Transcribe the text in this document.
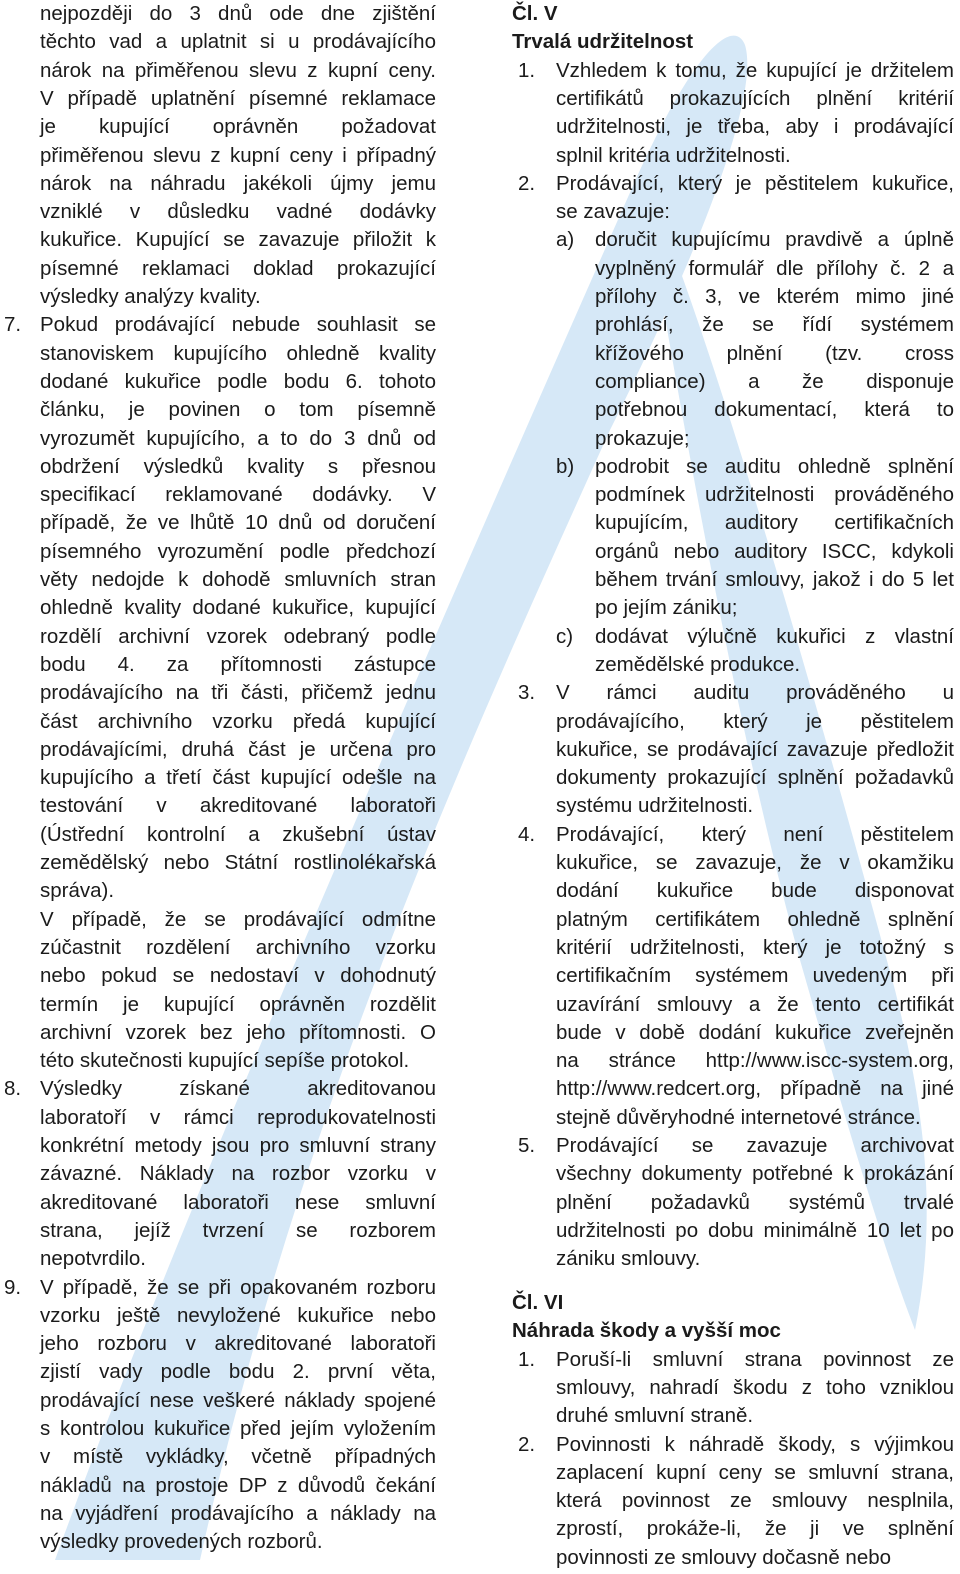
nejpozději do 3 dnů ode dne zjištění
těchto vad a uplatnit si u prodávajícího
nárok na přiměřenou slevu z kupní ceny.
V případě uplatnění písemné reklamace
je kupující oprávněn požadovat
přiměřenou slevu z kupní ceny i případný
nárok na náhradu jakékoli újmy jemu
vzniklé v důsledku vadné dodávky
kukuřice. Kupující se zavazuje přiložit k
písemné reklamaci doklad prokazující
výsledky analýzy kvality.
Pokud prodávající nebude souhlasit se
stanoviskem kupujícího ohledně kvality
dodané kukuřice podle bodu 6. tohoto
článku, je povinen o tom písemně
vyrozumět kupujícího, a to do 3 dnů od
obdržení výsledků kvality s přesnou
specifikací reklamované dodávky. V
případě, že ve lhůtě 10 dnů od doručení
písemného vyrozumění podle předchozí
věty nedojde k dohodě smluvních stran
ohledně kvality dodané kukuřice, kupující
rozdělí archivní vzorek odebraný podle
bodu 4. za přítomnosti zástupce
prodávajícího na tři části, přičemž jednu
část archivního vzorku předá kupující
prodávajícími, druhá část je určena pro
kupujícího a třetí část kupující odešle na
testování v akreditované laboratoři
(Ústřední kontrolní a zkušební ústav
zemědělský nebo Státní rostlinolékařská
správa).
V případě, že se prodávající odmítne
zúčastnit rozdělení archivního vzorku
nebo pokud se nedostaví v dohodnutý
termín je kupující oprávněn rozdělit
archivní vzorek bez jeho přítomnosti. O
této skutečnosti kupující sepíše protokol.
Výsledky získané akreditovanou
laboratoří v rámci reprodukovatelnosti
konkrétní metody jsou pro smluvní strany
závazné. Náklady na rozbor vzorku v
akreditované laboratoři nese smluvní
strana, jejíž tvrzení se rozborem
nepotvrdilo.
V případě, že se při opakovaném rozboru
vzorku ještě nevyložené kukuřice nebo
jeho rozboru v akreditované laboratoři
zjistí vady podle bodu 2. první věta,
prodávající nese veškeré náklady spojené
s kontrolou kukuřice před jejím vyložením
v místě vykládky, včetně případných
nákladů na prostoje DP z důvodů čekání
na vyjádření prodávajícího a náklady na
výsledky provedených rozborů.
7.
8.
9.
Čl. V
Trvalá udržitelnost
Vzhledem k tomu, že kupující je držitelem
certifikátů prokazujících plnění kritérií
udržitelnosti, je třeba, aby i prodávající
splnil kritéria udržitelnosti.
Prodávající, který je pěstitelem kukuřice,
se zavazuje:
doručit kupujícímu pravdivě a úplně
vyplněný formulář dle přílohy č. 2 a
přílohy č. 3, ve kterém mimo jiné
prohlásí, že se řídí systémem
křížového plnění (tzv. cross
compliance) a že disponuje
potřebnou dokumentací, která to
prokazuje;
podrobit se auditu ohledně splnění
podmínek udržitelnosti prováděného
kupujícím, auditory certifikačních
orgánů nebo auditory ISCC, kdykoli
během trvání smlouvy, jakož i do 5 let
po jejím zániku;
dodávat výlučně kukuřici z vlastní
zemědělské produkce.
V rámci auditu prováděného u
prodávajícího, který je pěstitelem
kukuřice, se prodávající zavazuje předložit
dokumenty prokazující splnění požadavků
systému udržitelnosti.
Prodávající, který není pěstitelem
kukuřice, se zavazuje, že v okamžiku
dodání kukuřice bude disponovat
platným certifikátem ohledně splnění
kritérií udržitelnosti, který je totožný s
certifikačním systémem uvedeným při
uzavírání smlouvy a že tento certifikát
bude v době dodání kukuřice zveřejněn
na stránce http://www.iscc-system.org,
http://www.redcert.org, případně na jiné
stejně důvěryhodné internetové stránce.
Prodávající se zavazuje archivovat
všechny dokumenty potřebné k prokázání
plnění požadavků systémů trvalé
udržitelnosti po dobu minimálně 10 let po
zániku smlouvy.
Čl. VI
Náhrada škody a vyšší moc
Poruší-li smluvní strana povinnost ze
smlouvy, nahradí škodu z toho vzniklou
druhé smluvní straně.
Povinnosti k náhradě škody, s výjimkou
zaplacení kupní ceny se smluvní strana,
která povinnost ze smlouvy nesplnila,
zprostí, prokáže-li, že ji ve splnění
povinnosti ze smlouvy dočasně nebo
1.
2.
a)
b)
c)
3.
4.
5.
1.
2.
